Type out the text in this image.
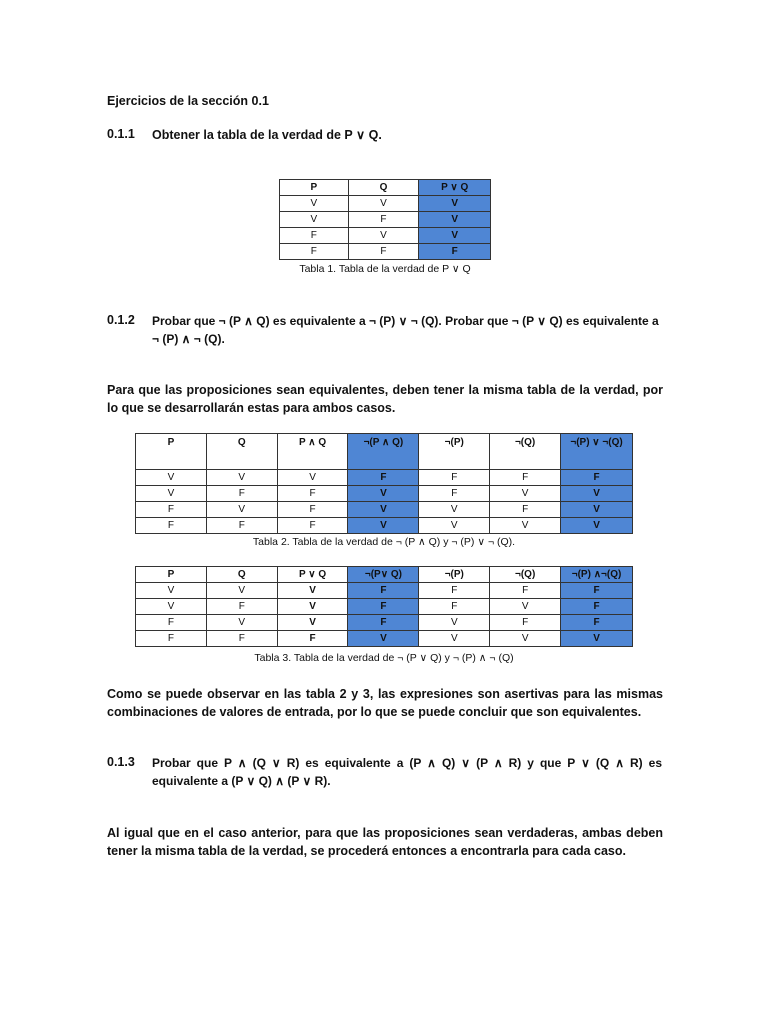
Ejercicios de la sección 0.1
0.1.1 Obtener la tabla de la verdad de P ∨ Q.
P	Q	P ∨ Q
V	V	V
V	F	V
F	V	V
F	F	F
Tabla 1. Tabla de la verdad de P ∨ Q
0.1.2 Probar que ¬ (P ∧ Q) es equivalente a ¬ (P) ∨ ¬ (Q). Probar que ¬ (P ∨ Q) es equivalente a
¬ (P) ∧ ¬ (Q).
Para que las proposiciones sean equivalentes, deben tener la misma tabla de la verdad, por lo que se desarrollarán estas para ambos casos.
P	Q	P ∧ Q	¬(P ∧ Q)	¬(P)	¬(Q)	¬(P) ∨ ¬(Q)
V	V	V	F	F	F	F
V	F	F	V	F	V	V
F	V	F	V	V	F	V
F	F	F	V	V	V	V
Tabla 2. Tabla de la verdad de ¬ (P ∧ Q) y ¬ (P) ∨ ¬ (Q).
P	Q	P ∨ Q	¬(P∨ Q)	¬(P)	¬(Q)	¬(P) ∧¬(Q)
V	V	V	F	F	F	F
V	F	V	F	F	V	F
F	V	V	F	V	F	F
F	F	F	V	V	V	V
Tabla 3. Tabla de la verdad de ¬ (P ∨ Q) y ¬ (P) ∧ ¬ (Q)
Como se puede observar en las tabla 2 y 3, las expresiones son asertivas para las mismas combinaciones de valores de entrada, por lo que se puede concluir que son equivalentes.
0.1.3 Probar que P ∧ (Q ∨ R) es equivalente a (P ∧ Q) ∨ (P ∧ R) y que P ∨ (Q ∧ R) es
equivalente a (P ∨ Q) ∧ (P ∨ R).
Al igual que en el caso anterior, para que las proposiciones sean verdaderas, ambas deben tener la misma tabla de la verdad, se procederá entonces a encontrarla para cada caso.
